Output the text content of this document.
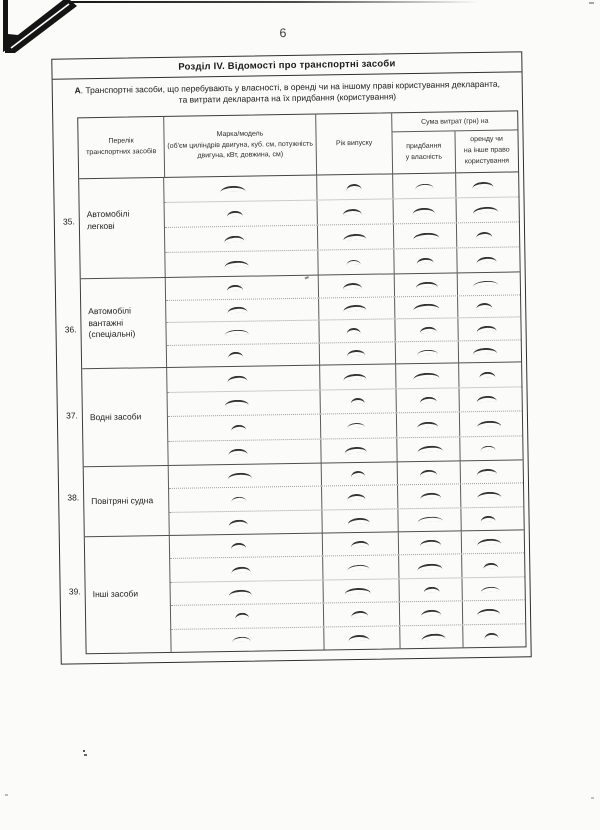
6
Розділ IV. Відомості про транспортні засоби
А. Транспортні засоби, що перебувають у власності, в оренді чи на іншому праві користування декларанта, та витрати декларанта на їх придбання (користування)
Перелік
транспортних засобів
Марка/модель
(об'єм циліндрів двигуна, куб. см, потужність
двигуна, кВт, довжина, см)
Рік випуску
Сума витрат (грн) на
придбання
у власність
оренду чи
на інше право
користування
Автомобілі
легкові
Автомобілі
вантажні
(спеціальні)
Водні засоби
Повітряні судна
Інші засоби
35.
36.
37.
38.
39.
